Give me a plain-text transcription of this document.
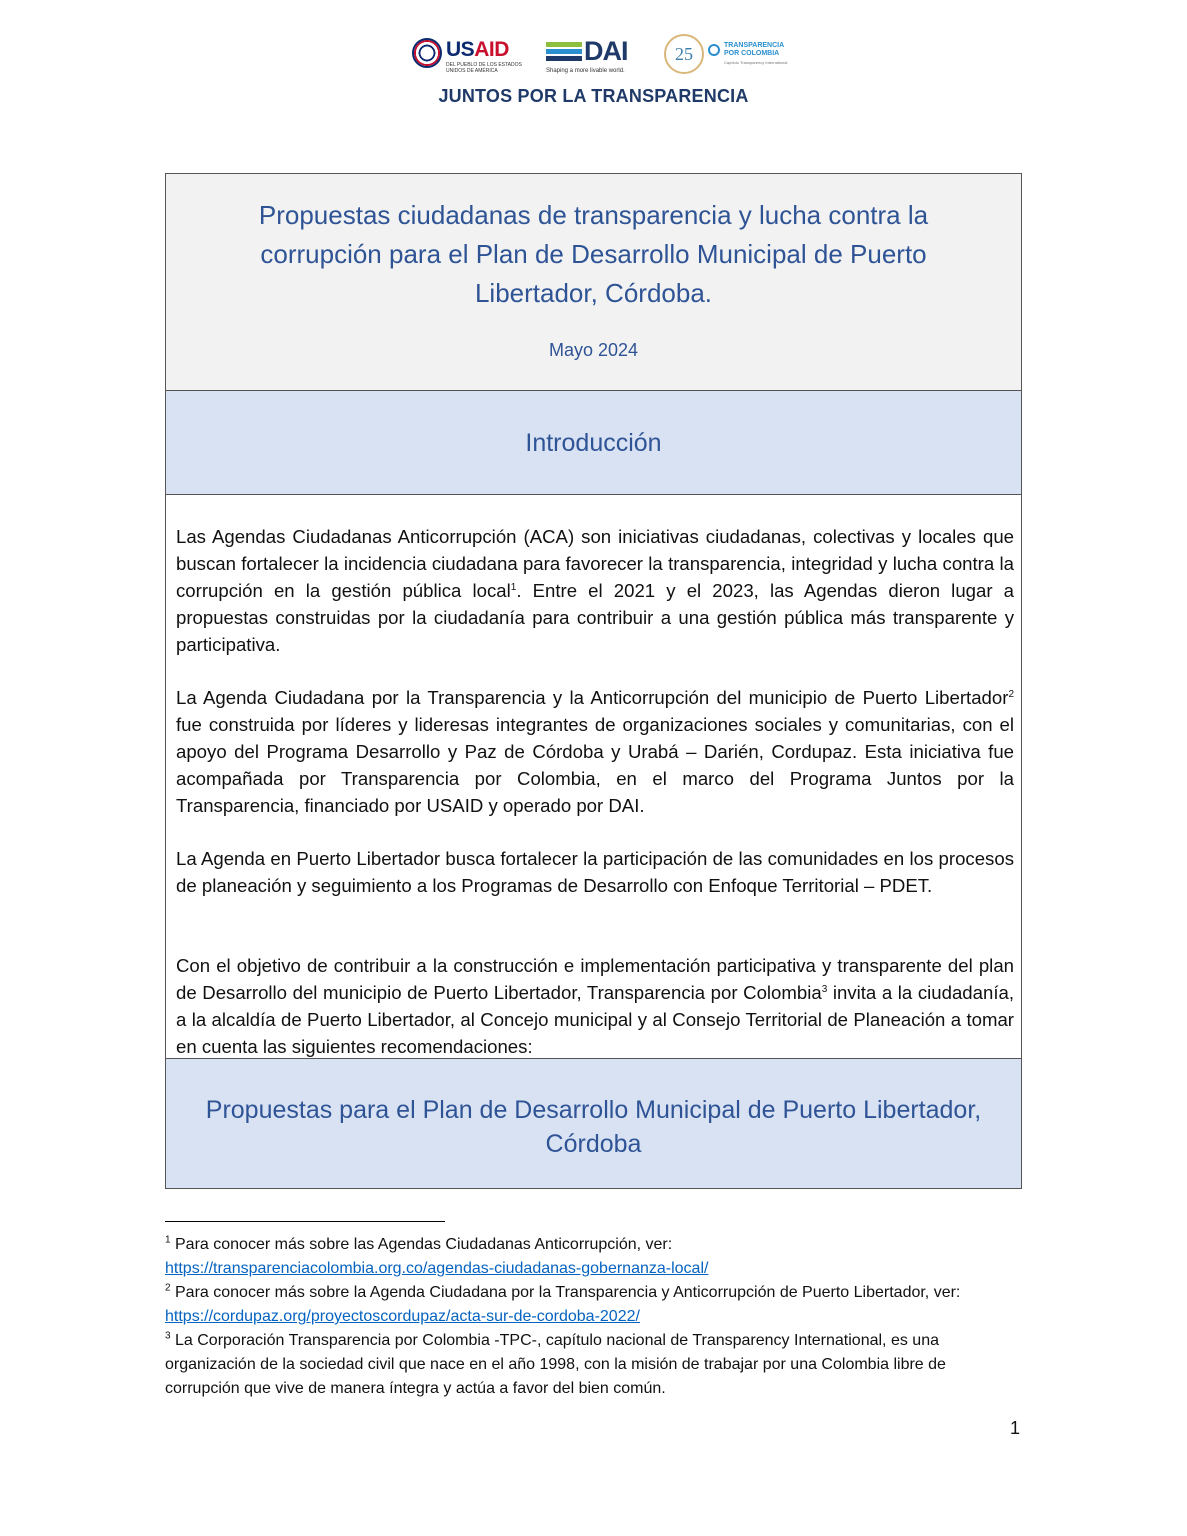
USAID
DEL PUEBLO DE LOS ESTADOS UNIDOS DE AMÉRICA
DAI
Shaping a more livable world.
25	TRANSPARENCIA POR COLOMBIA
Capítulo Transparency International
JUNTOS POR LA TRANSPARENCIA
Propuestas ciudadanas de transparencia y lucha contra la corrupción para el Plan de Desarrollo Municipal de Puerto Libertador, Córdoba.
Mayo 2024
Introducción
Las Agendas Ciudadanas Anticorrupción (ACA) son iniciativas ciudadanas, colectivas y locales que buscan fortalecer la incidencia ciudadana para favorecer la transparencia, integridad y lucha contra la corrupción en la gestión pública local$^1$. Entre el 2021 y el 2023, las Agendas dieron lugar a propuestas construidas por la ciudadanía para contribuir a una gestión pública más transparente y participativa.
La Agenda Ciudadana por la Transparencia y la Anticorrupción del municipio de Puerto Libertador$^2$ fue construida por líderes y lideresas integrantes de organizaciones sociales y comunitarias, con el apoyo del Programa Desarrollo y Paz de Córdoba y Urabá – Darién, Cordupaz. Esta iniciativa fue acompañada por Transparencia por Colombia, en el marco del Programa Juntos por la Transparencia, financiado por USAID y operado por DAI.
La Agenda en Puerto Libertador busca fortalecer la participación de las comunidades en los procesos de planeación y seguimiento a los Programas de Desarrollo con Enfoque Territorial – PDET.
Con el objetivo de contribuir a la construcción e implementación participativa y transparente del plan de Desarrollo del municipio de Puerto Libertador, Transparencia por Colombia$^3$ invita a la ciudadanía, a la alcaldía de Puerto Libertador, al Concejo municipal y al Consejo Territorial de Planeación a tomar en cuenta las siguientes recomendaciones:
Propuestas para el Plan de Desarrollo Municipal de Puerto Libertador, Córdoba

$^1$ Para conocer más sobre las Agendas Ciudadanas Anticorrupción, ver:
https://transparenciacolombia.org.co/agendas-ciudadanas-gobernanza-local/

$^2$ Para conocer más sobre la Agenda Ciudadana por la Transparencia y Anticorrupción de Puerto Libertador, ver: https://cordupaz.org/proyectoscordupaz/acta-sur-de-cordoba-2022/

$^3$ La Corporación Transparencia por Colombia -TPC-, capítulo nacional de Transparency International, es una organización de la sociedad civil que nace en el año 1998, con la misión de trabajar por una Colombia libre de corrupción que vive de manera íntegra y actúa a favor del bien común.

1
